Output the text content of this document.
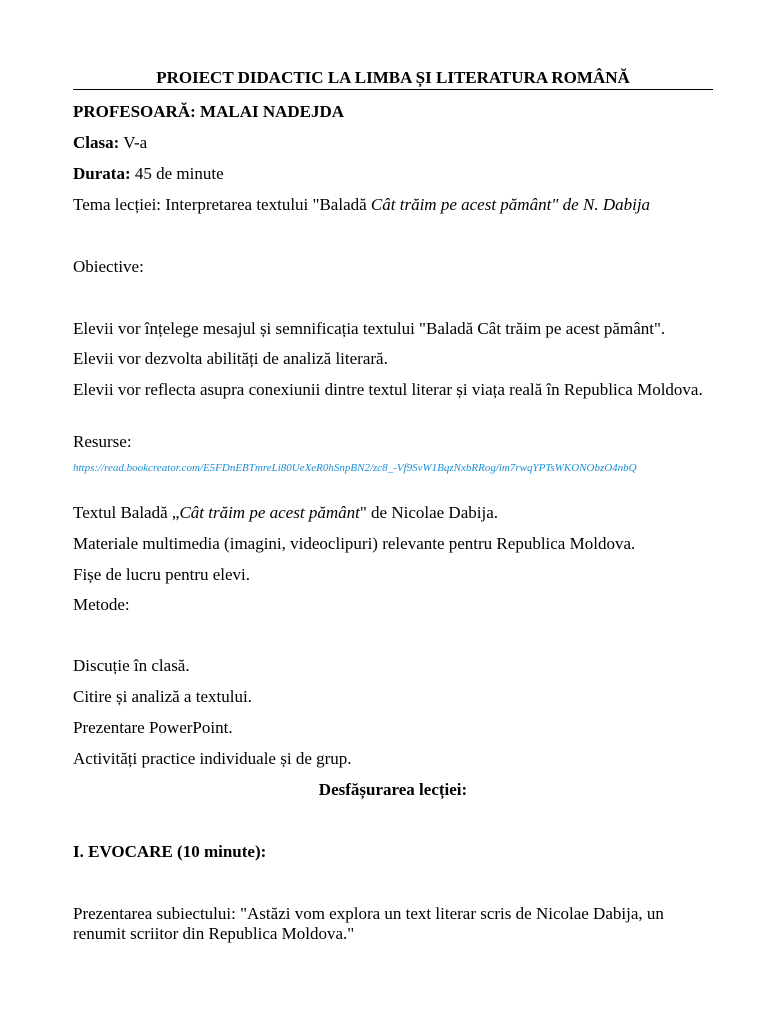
PROIECT DIDACTIC LA LIMBA ȘI LITERATURA ROMÂNĂ
PROFESOARĂ: MALAI NADEJDA
Clasa: V-a
Durata: 45 de minute
Tema lecției: Interpretarea textului "Baladă Cât trăim pe acest pământ" de N. Dabija
Obiective:
Elevii vor înțelege mesajul și semnificația textului "Baladă Cât trăim pe acest pământ".
Elevii vor dezvolta abilități de analiză literară.
Elevii vor reflecta asupra conexiunii dintre textul literar și viața reală în Republica Moldova.
Resurse:
https://read.bookcreator.com/E5FDnEBTmreLi80UeXeR0hSnpBN2/zc8_-Vf9SvW1BqzNxbRRog/im7rwqYPTsWKONObzO4nbQ
Textul Baladă „Cât trăim pe acest pământ" de Nicolae Dabija.
Materiale multimedia (imagini, videoclipuri) relevante pentru Republica Moldova.
Fișe de lucru pentru elevi.
Metode:
Discuție în clasă.
Citire și analiză a textului.
Prezentare PowerPoint.
Activități practice individuale și de grup.
Desfășurarea lecției:
I. EVOCARE (10 minute):
Prezentarea subiectului: "Astăzi vom explora un text literar scris de Nicolae Dabija, un renumit scriitor din Republica Moldova."
